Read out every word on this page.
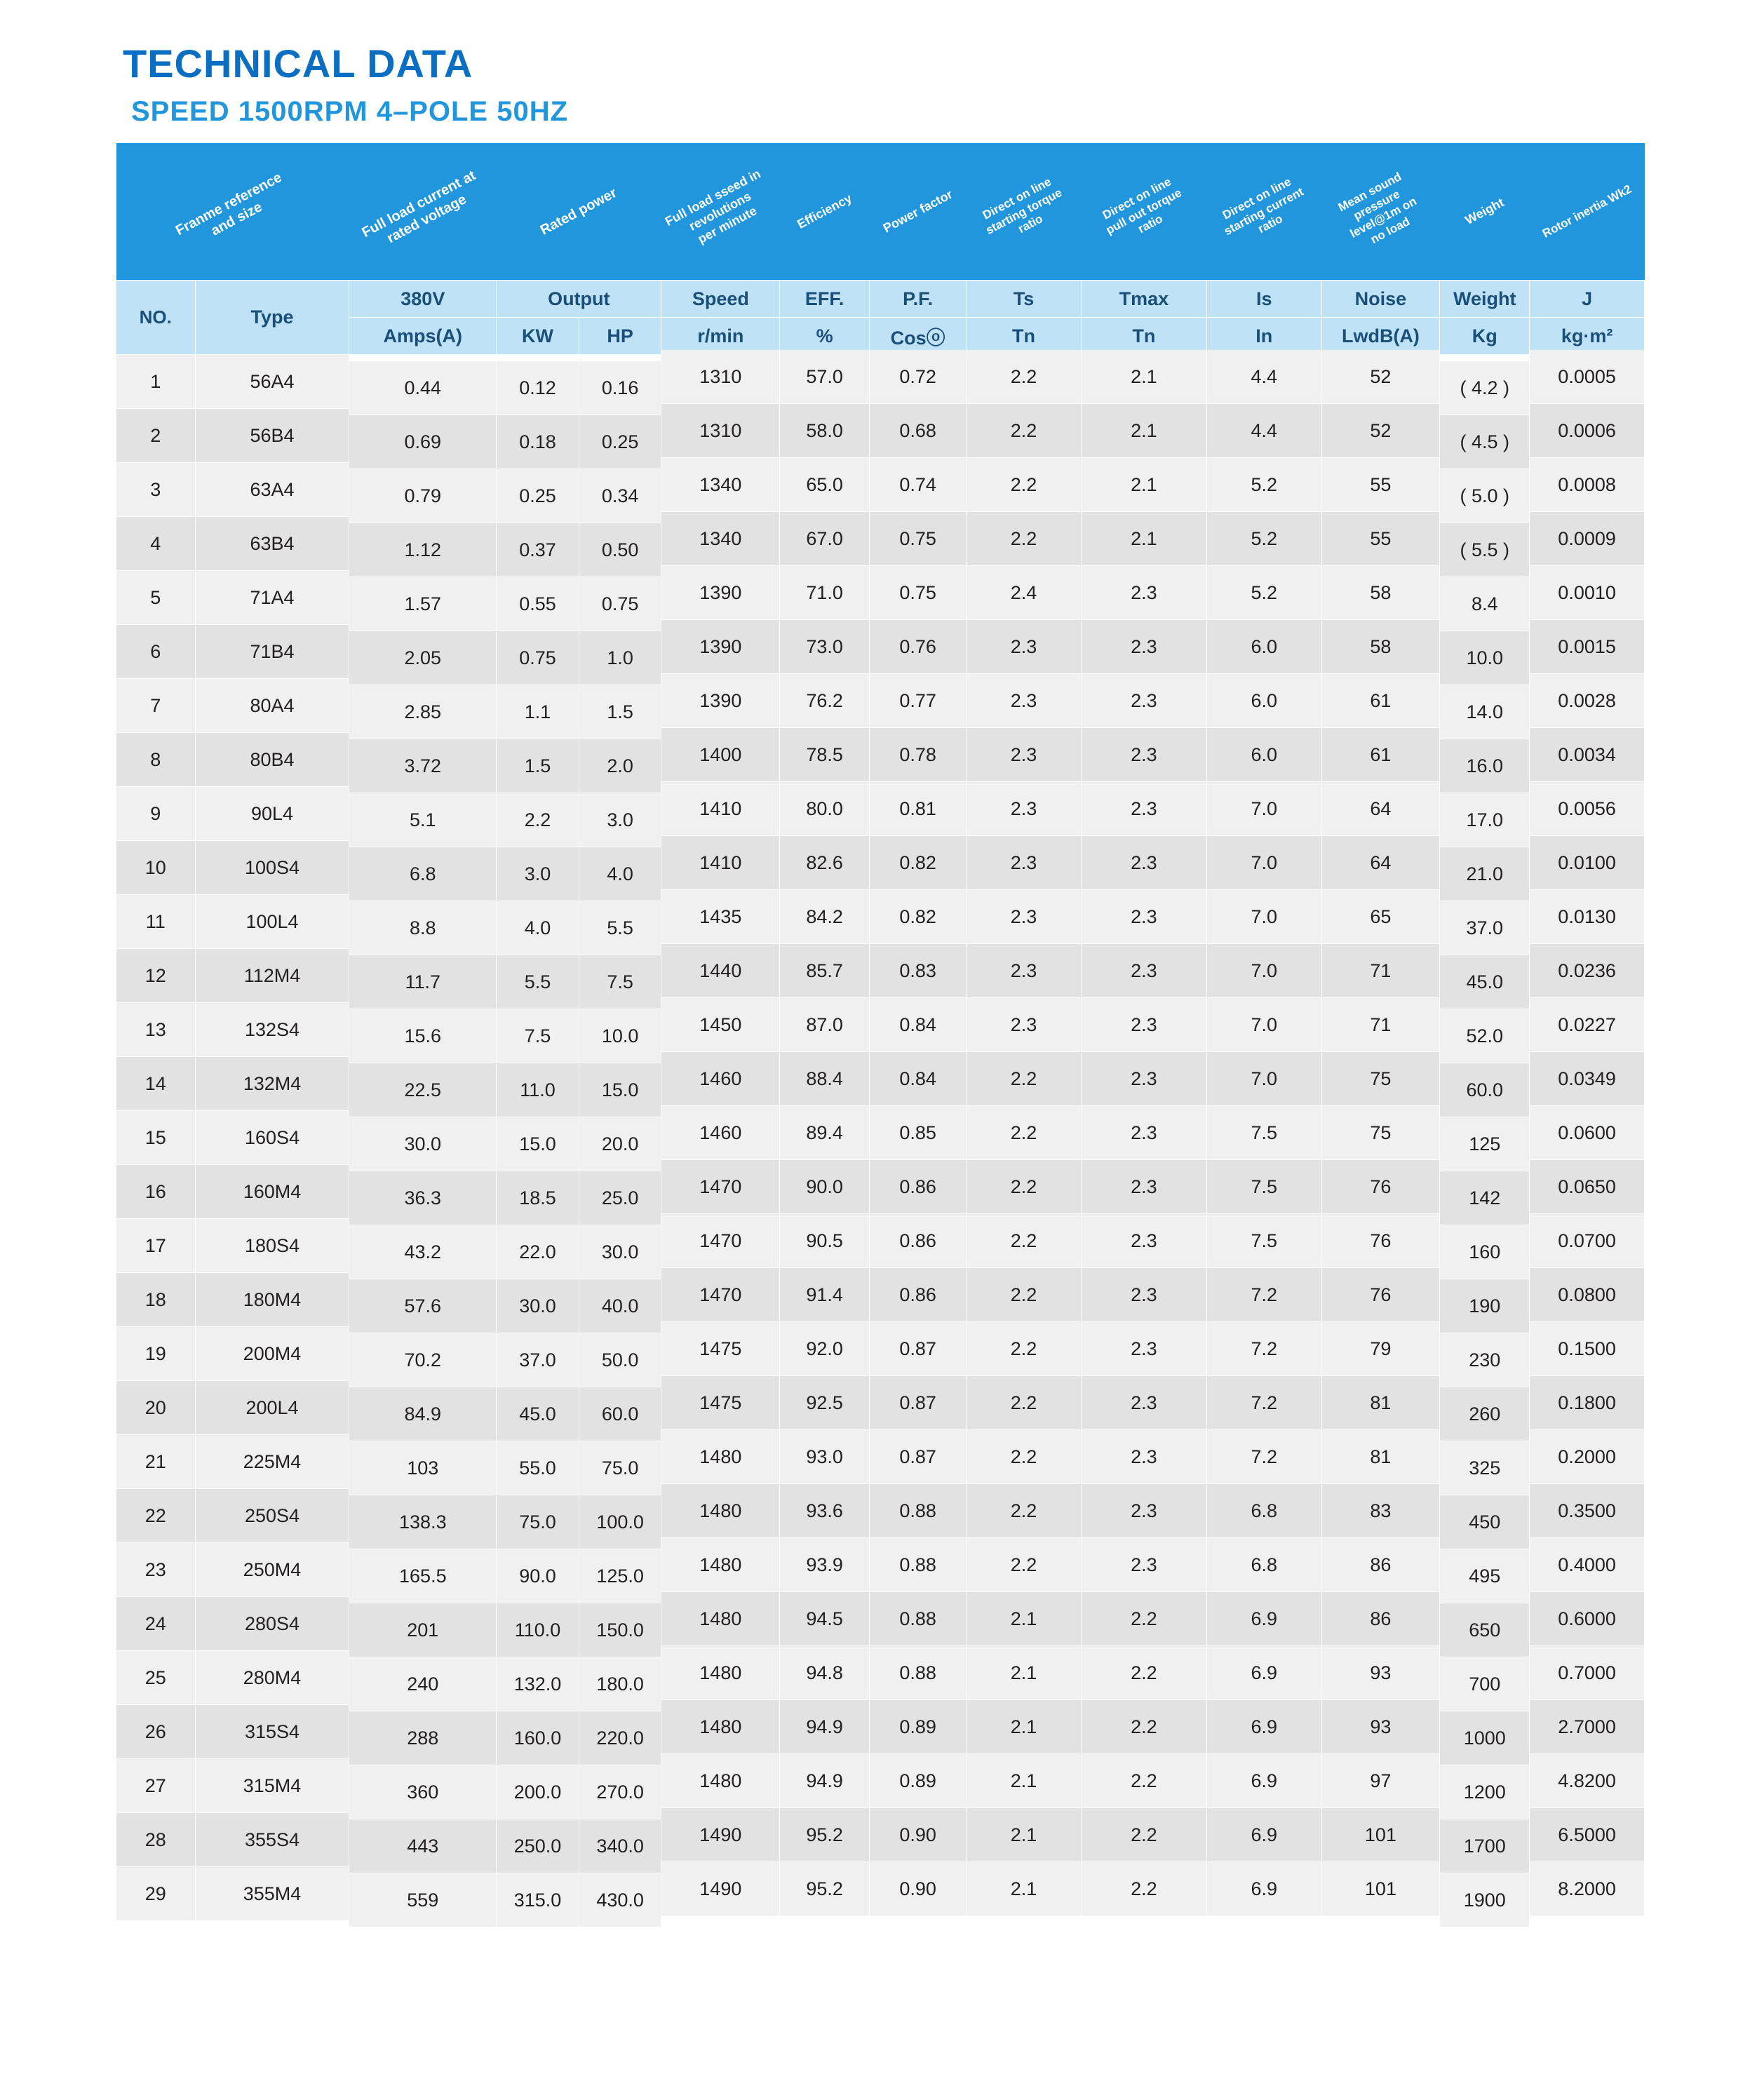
TECHNICAL DATA
SPEED 1500RPM 4–POLE 50HZ
Franme reference
and size		Full load current at
rated voltage	Rated power		Full load sseed in
revolutions
per minute	Efficiency	Power factor	Direct on line
starting torque
ratio	Direct on line
pull out torque
ratio	Direct on line
starting current
ratio	Mean sound
pressure
level@1m on
no load	Weight	Rotor inertia Wk2

NO.	Type	380V	Output		Speed	EFF.	P.F.	Ts	Tmax	Is	Noise	Weight	J
		Amps(A)	KW	HP	r/min	%	Cosⓞ	Tn	Tn	In	LwdB(A)	Kg	kg·m²
1	56A4	0.44	0.12	0.16	1310	57.0	0.72	2.2	2.1	4.4	52	( 4.2 )	0.0005
2	56B4	0.69	0.18	0.25	1310	58.0	0.68	2.2	2.1	4.4	52	( 4.5 )	0.0006
3	63A4	0.79	0.25	0.34	1340	65.0	0.74	2.2	2.1	5.2	55	( 5.0 )	0.0008
4	63B4	1.12	0.37	0.50	1340	67.0	0.75	2.2	2.1	5.2	55	( 5.5 )	0.0009
5	71A4	1.57	0.55	0.75	1390	71.0	0.75	2.4	2.3	5.2	58	8.4	0.0010
6	71B4	2.05	0.75	1.0	1390	73.0	0.76	2.3	2.3	6.0	58	10.0	0.0015
7	80A4	2.85	1.1	1.5	1390	76.2	0.77	2.3	2.3	6.0	61	14.0	0.0028
8	80B4	3.72	1.5	2.0	1400	78.5	0.78	2.3	2.3	6.0	61	16.0	0.0034
9	90L4	5.1	2.2	3.0	1410	80.0	0.81	2.3	2.3	7.0	64	17.0	0.0056
10	100S4	6.8	3.0	4.0	1410	82.6	0.82	2.3	2.3	7.0	64	21.0	0.0100
11	100L4	8.8	4.0	5.5	1435	84.2	0.82	2.3	2.3	7.0	65	37.0	0.0130
12	112M4	11.7	5.5	7.5	1440	85.7	0.83	2.3	2.3	7.0	71	45.0	0.0236
13	132S4	15.6	7.5	10.0	1450	87.0	0.84	2.3	2.3	7.0	71	52.0	0.0227
14	132M4	22.5	11.0	15.0	1460	88.4	0.84	2.2	2.3	7.0	75	60.0	0.0349
15	160S4	30.0	15.0	20.0	1460	89.4	0.85	2.2	2.3	7.5	75	125	0.0600
16	160M4	36.3	18.5	25.0	1470	90.0	0.86	2.2	2.3	7.5	76	142	0.0650
17	180S4	43.2	22.0	30.0	1470	90.5	0.86	2.2	2.3	7.5	76	160	0.0700
18	180M4	57.6	30.0	40.0	1470	91.4	0.86	2.2	2.3	7.2	76	190	0.0800
19	200M4	70.2	37.0	50.0	1475	92.0	0.87	2.2	2.3	7.2	79	230	0.1500
20	200L4	84.9	45.0	60.0	1475	92.5	0.87	2.2	2.3	7.2	81	260	0.1800
21	225M4	103	55.0	75.0	1480	93.0	0.87	2.2	2.3	7.2	81	325	0.2000
22	250S4	138.3	75.0	100.0	1480	93.6	0.88	2.2	2.3	6.8	83	450	0.3500
23	250M4	165.5	90.0	125.0	1480	93.9	0.88	2.2	2.3	6.8	86	495	0.4000
24	280S4	201	110.0	150.0	1480	94.5	0.88	2.1	2.2	6.9	86	650	0.6000
25	280M4	240	132.0	180.0	1480	94.8	0.88	2.1	2.2	6.9	93	700	0.7000
26	315S4	288	160.0	220.0	1480	94.9	0.89	2.1	2.2	6.9	93	1000	2.7000
27	315M4	360	200.0	270.0	1480	94.9	0.89	2.1	2.2	6.9	97	1200	4.8200
28	355S4	443	250.0	340.0	1490	95.2	0.90	2.1	2.2	6.9	101	1700	6.5000
29	355M4	559	315.0	430.0	1490	95.2	0.90	2.1	2.2	6.9	101	1900	8.2000
